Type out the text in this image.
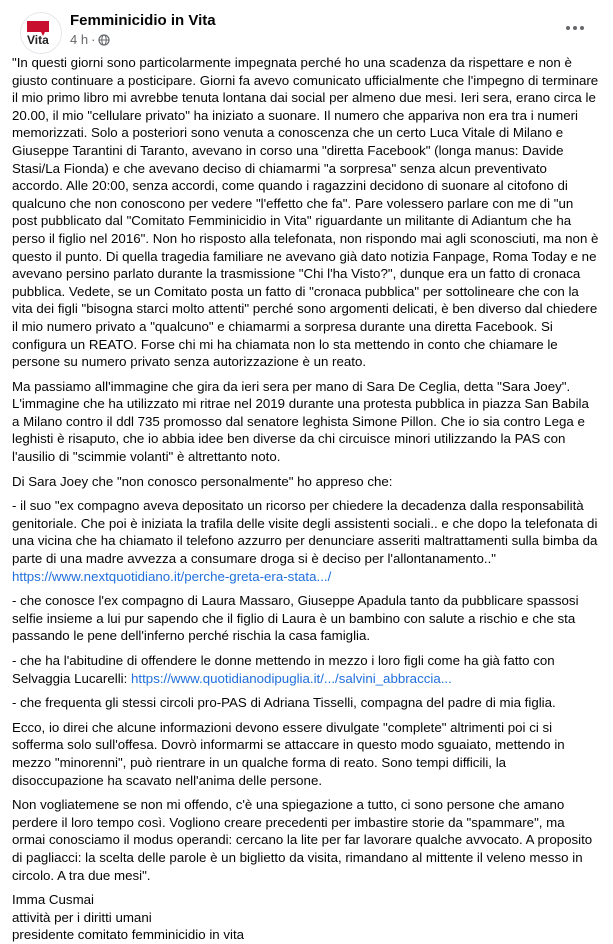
Vita
Femminicidio in Vita
4 h ·

"In questi giorni sono particolarmente impegnata perché ho una scadenza da rispettare e non è giusto continuare a posticipare. Giorni fa avevo comunicato ufficialmente che l'impegno di terminare il mio primo libro mi avrebbe tenuta lontana dai social per almeno due mesi. Ieri sera, erano circa le 20.00, il mio "cellulare privato" ha iniziato a suonare. Il numero che appariva non era tra i numeri memorizzati. Solo a posteriori sono venuta a conoscenza che un certo Luca Vitale di Milano e Giuseppe Tarantini di Taranto, avevano in corso una "diretta Facebook" (longa manus: Davide Stasi/La Fionda) e che avevano deciso di chiamarmi "a sorpresa" senza alcun preventivato accordo. Alle 20:00, senza accordi, come quando i ragazzini decidono di suonare al citofono di qualcuno che non conoscono per vedere "l'effetto che fa". Pare volessero parlare con me di "un post pubblicato dal "Comitato Femminicidio in Vita" riguardante un militante di Adiantum che ha perso il figlio nel 2016". Non ho risposto alla telefonata, non rispondo mai agli sconosciuti, ma non è questo il punto. Di quella tragedia familiare ne avevano già dato notizia Fanpage, Roma Today e ne avevano persino parlato durante la trasmissione "Chi l'ha Visto?", dunque era un fatto di cronaca pubblica. Vedete, se un Comitato posta un fatto di "cronaca pubblica" per sottolineare che con la vita dei figli "bisogna starci molto attenti" perché sono argomenti delicati, è ben diverso dal chiedere il mio numero privato a "qualcuno" e chiamarmi a sorpresa durante una diretta Facebook. Si configura un REATO. Forse chi mi ha chiamata non lo sta mettendo in conto che chiamare le persone su numero privato senza autorizzazione è un reato.

Ma passiamo all'immagine che gira da ieri sera per mano di Sara De Ceglia, detta "Sara Joey". L'immagine che ha utilizzato mi ritrae nel 2019 durante una protesta pubblica in piazza San Babila a Milano contro il ddl 735 promosso dal senatore leghista Simone Pillon. Che io sia contro Lega e leghisti è risaputo, che io abbia idee ben diverse da chi circuisce minori utilizzando la PAS con l'ausilio di "scimmie volanti" è altrettanto noto.

Di Sara Joey che "non conosco personalmente" ho appreso che:

- il suo "ex compagno aveva depositato un ricorso per chiedere la decadenza dalla responsabilità genitoriale. Che poi è iniziata la trafila delle visite degli assistenti sociali.. e che dopo la telefonata di una vicina che ha chiamato il telefono azzurro per denunciare asseriti maltrattamenti sulla bimba da parte di una madre avvezza a consumare droga si è deciso per l'allontanamento.." https://www.nextquotidiano.it/perche-greta-era-stata.../

- che conosce l'ex compagno di Laura Massaro, Giuseppe Apadula tanto da pubblicare spassosi selfie insieme a lui pur sapendo che il figlio di Laura è un bambino con salute a rischio e che sta passando le pene dell'inferno perché rischia la casa famiglia.

- che ha l'abitudine di offendere le donne mettendo in mezzo i loro figli come ha già fatto con Selvaggia Lucarelli: https://www.quotidianodipuglia.it/.../salvini_abbraccia...

- che frequenta gli stessi circoli pro-PAS di Adriana Tisselli, compagna del padre di mia figlia.

Ecco, io direi che alcune informazioni devono essere divulgate "complete" altrimenti poi ci si sofferma solo sull'offesa. Dovrò informarmi se attaccare in questo modo sguaiato, mettendo in mezzo "minorenni", può rientrare in un qualche forma di reato. Sono tempi difficili, la disoccupazione ha scavato nell'anima delle persone.

Non vogliatemene se non mi offendo, c'è una spiegazione a tutto, ci sono persone che amano perdere il loro tempo così. Vogliono creare precedenti per imbastire storie da "spammare", ma ormai conosciamo il modus operandi: cercano la lite per far lavorare qualche avvocato. A proposito di pagliacci: la scelta delle parole è un biglietto da visita, rimandano al mittente il veleno messo in circolo. A tra due mesi".

Imma Cusmai
attività per i diritti umani
presidente comitato femminicidio in vita
